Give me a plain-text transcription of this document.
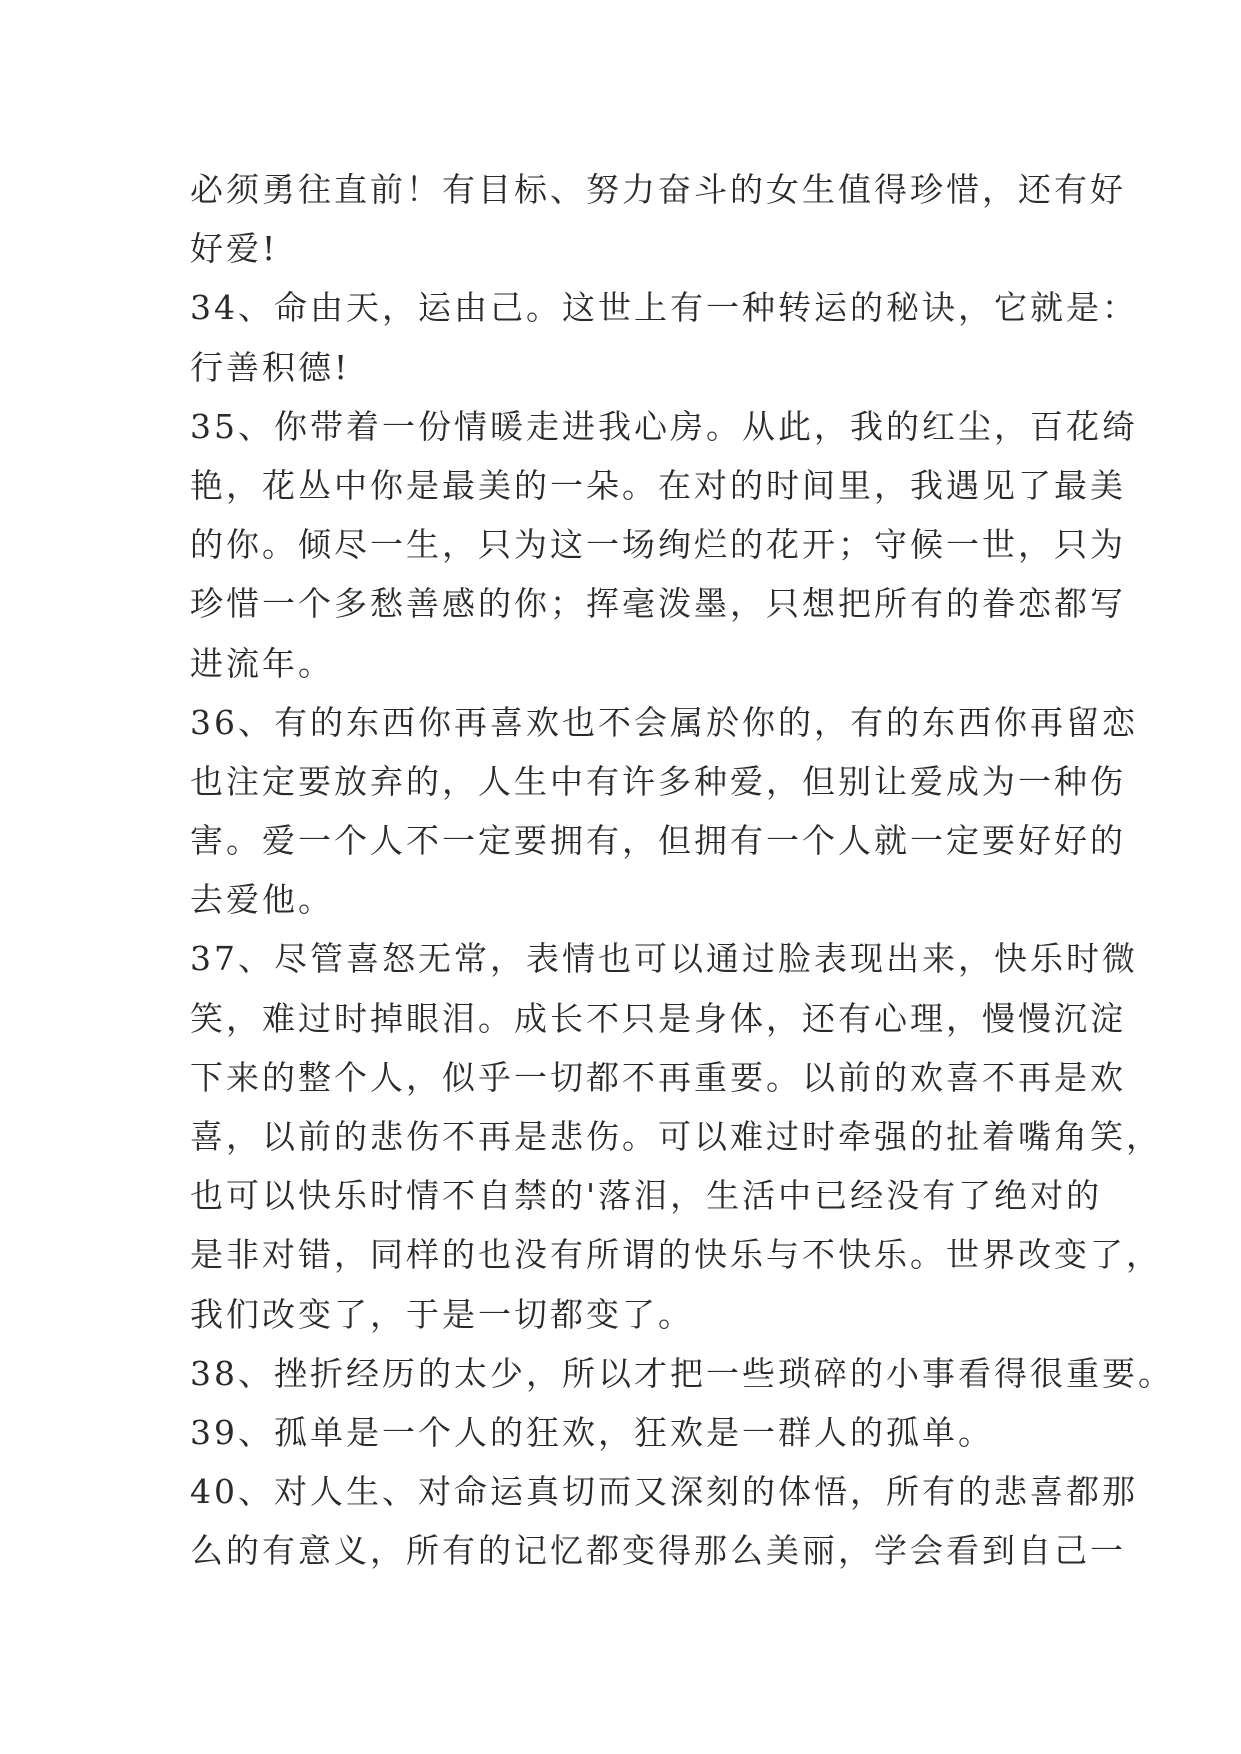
必须勇往直前！有目标、努力奋斗的女生值得珍惜，还有好
好爱!
34、命由天，运由己。这世上有一种转运的秘诀，它就是：
行善积德!
35、你带着一份情暖走进我心房。从此，我的红尘，百花绮
艳，花丛中你是最美的一朵。在对的时间里，我遇见了最美
的你。倾尽一生，只为这一场绚烂的花开；守候一世，只为
珍惜一个多愁善感的你；挥毫泼墨，只想把所有的眷恋都写
进流年。
36、有的东西你再喜欢也不会属於你的，有的东西你再留恋
也注定要放弃的，人生中有许多种爱，但别让爱成为一种伤
害。爱一个人不一定要拥有，但拥有一个人就一定要好好的
去爱他。
37、尽管喜怒无常，表情也可以通过脸表现出来，快乐时微
笑，难过时掉眼泪。成长不只是身体，还有心理，慢慢沉淀
下来的整个人，似乎一切都不再重要。以前的欢喜不再是欢
喜，以前的悲伤不再是悲伤。可以难过时牵强的扯着嘴角笑，
也可以快乐时情不自禁的'落泪，生活中已经没有了绝对的
是非对错，同样的也没有所谓的快乐与不快乐。世界改变了，
我们改变了，于是一切都变了。
38、挫折经历的太少，所以才把一些琐碎的小事看得很重要。
39、孤单是一个人的狂欢，狂欢是一群人的孤单。
40、对人生、对命运真切而又深刻的体悟，所有的悲喜都那
么的有意义，所有的记忆都变得那么美丽，学会看到自己一
